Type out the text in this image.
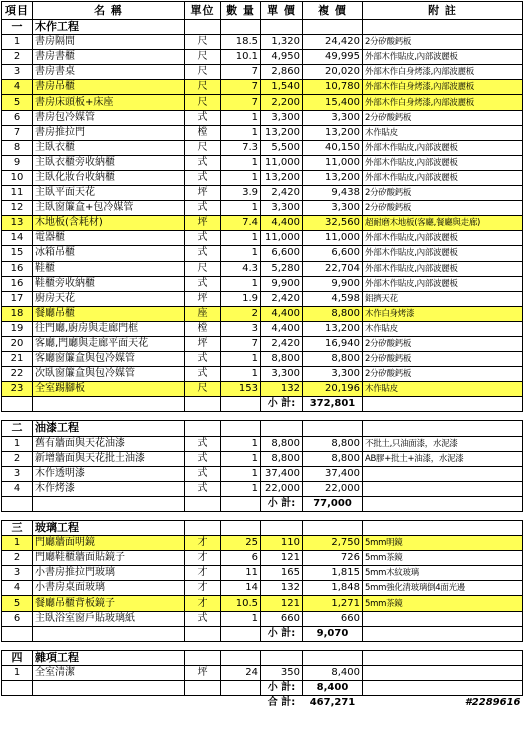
項目	名 稱	單位	數 量	單 價	複 價	附 註
一	木作工程					
1	書房隔間	尺	18.5	1,320	24,420	2分矽酸鈣板
2	書房書櫃	尺	10.1	4,950	49,995	外部木作貼皮,內部波麗板
3	書房書桌	尺	7	2,860	20,020	外部木作白身烤漆,內部波麗板
4	書房吊櫃	尺	7	1,540	10,780	外部木作白身烤漆,內部波麗板
5	書房床頭板+床座	尺	7	2,200	15,400	外部木作白身烤漆,內部波麗板
6	書房包冷媒管	式	1	3,300	3,300	2分矽酸鈣板
7	書房推拉門	樘	1	13,200	13,200	木作貼皮
8	主臥衣櫃	尺	7.3	5,500	40,150	外部木作貼皮,內部波麗板
9	主臥衣櫃旁收納櫃	式	1	11,000	11,000	外部木作貼皮,內部波麗板
10	主臥化妝台收納櫃	式	1	13,200	13,200	外部木作貼皮,內部波麗板
11	主臥平面天花	坪	3.9	2,420	9,438	2分矽酸鈣板
12	主臥窗簾盒+包冷媒管	式	1	3,300	3,300	2分矽酸鈣板
13	木地板(含耗材)	坪	7.4	4,400	32,560	超耐磨木地板(客廳,餐廳與走廊)
14	電器櫃	式	1	11,000	11,000	外部木作貼皮,內部波麗板
15	冰箱吊櫃	式	1	6,600	6,600	外部木作貼皮,內部波麗板
16	鞋櫃	尺	4.3	5,280	22,704	外部木作貼皮,內部波麗板
16	鞋櫃旁收納櫃	式	1	9,900	9,900	外部木作貼皮,內部波麗板
17	廚房天花	坪	1.9	2,420	4,598	鋁擠天花
18	餐廳吊櫃	座	2	4,400	8,800	木作白身烤漆
19	往門廳,廚房與走廊門框	樘	3	4,400	13,200	木作貼皮
20	客廳,門廳與走廊平面天花	坪	7	2,420	16,940	2分矽酸鈣板
21	客廳窗簾盒與包冷媒管	式	1	8,800	8,800	2分矽酸鈣板
22	次臥窗簾盒與包冷媒管	式	1	3,300	3,300	2分矽酸鈣板
23	全室踢腳板	尺	153	132	20,196	木作貼皮
				小 計:	372,801	

二	油漆工程					
1	舊有牆面與天花油漆	式	1	8,800	8,800	不批土,只油面漆，水泥漆
2	新增牆面與天花批土油漆	式	1	8,800	8,800	AB膠+批土+油漆，水泥漆
3	木作透明漆	式	1	37,400	37,400	
4	木作烤漆	式	1	22,000	22,000	
				小 計:	77,000	

三	玻璃工程					
1	門廳牆面明鏡	才	25	110	2,750	5mm明鏡
2	門廳鞋櫃牆面貼鏡子	才	6	121	726	5mm茶鏡
3	小書房推拉門玻璃	才	11	165	1,815	5mm木紋玻璃
4	小書房桌面玻璃	才	14	132	1,848	5mm強化清玻璃倒4面光邊
5	餐廳吊櫃背板鏡子	才	10.5	121	1,271	5mm茶鏡
6	主臥浴室窗戶貼玻璃紙	式	1	660	660	
				小 計:	9,070	

四	雜項工程					
1	全室清潔	坪	24	350	8,400	
				小 計:	8,400	
				合 計:	467,271	#2289616
